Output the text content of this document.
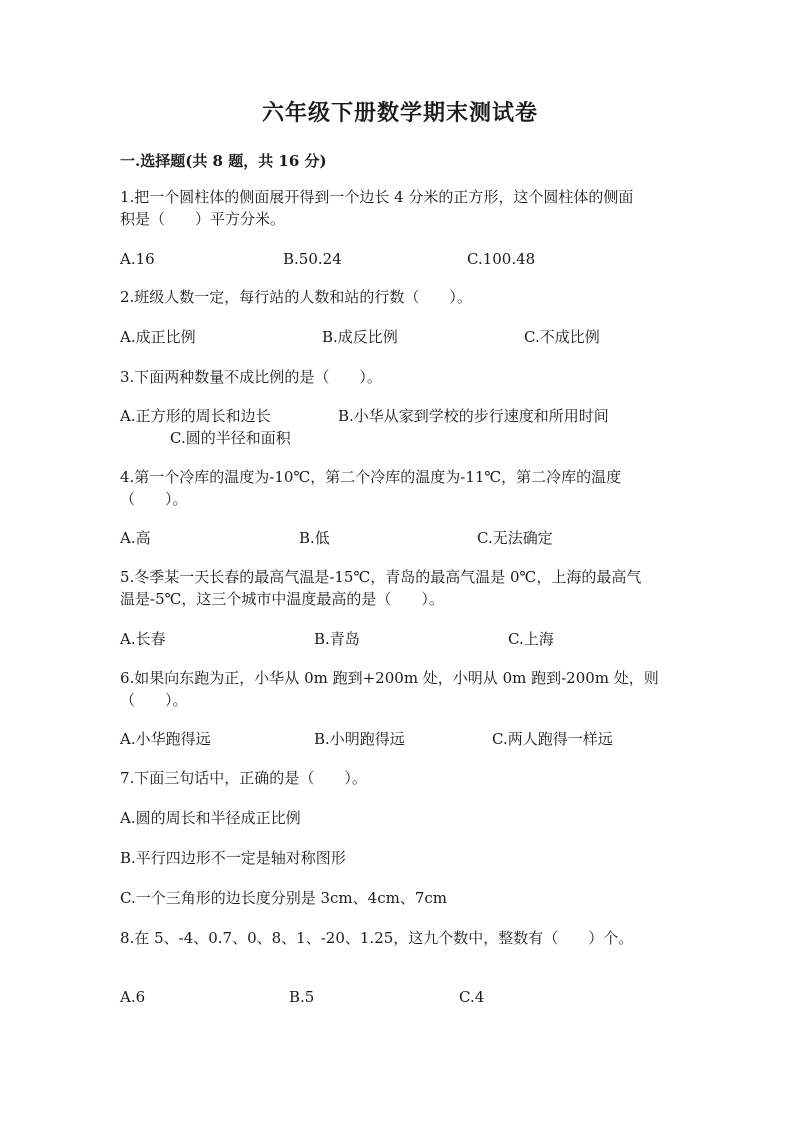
六年级下册数学期末测试卷
一.选择题(共 8 题，共 16 分)
1.把一个圆柱体的侧面展开得到一个边长 4 分米的正方形，这个圆柱体的侧面
积是（　　）平方分米。
A.16	B.50.24	C.100.48
2.班级人数一定，每行站的人数和站的行数（　　）。
A.成正比例	B.成反比例	C.不成比例
3.下面两种数量不成比例的是（　　）。
A.正方形的周长和边长	B.小华从家到学校的步行速度和所用时间
C.圆的半径和面积
4.第一个冷库的温度为-10℃，第二个冷库的温度为-11℃，第二冷库的温度
（　　）。
A.高	B.低	C.无法确定
5.冬季某一天长春的最高气温是-15℃，青岛的最高气温是 0℃，上海的最高气
温是-5℃，这三个城市中温度最高的是（　　）。
A.长春	B.青岛	C.上海
6.如果向东跑为正，小华从 0m 跑到+200m 处，小明从 0m 跑到-200m 处，则
（　　）。
A.小华跑得远	B.小明跑得远	C.两人跑得一样远
7.下面三句话中，正确的是（　　）。
A.圆的周长和半径成正比例
B.平行四边形不一定是轴对称图形
C.一个三角形的边长度分别是 3cm、4cm、7cm
8.在 5、-4、0.7、0、8、1、-20、1.25，这九个数中，整数有（　　）个。
A.6	B.5	C.4
